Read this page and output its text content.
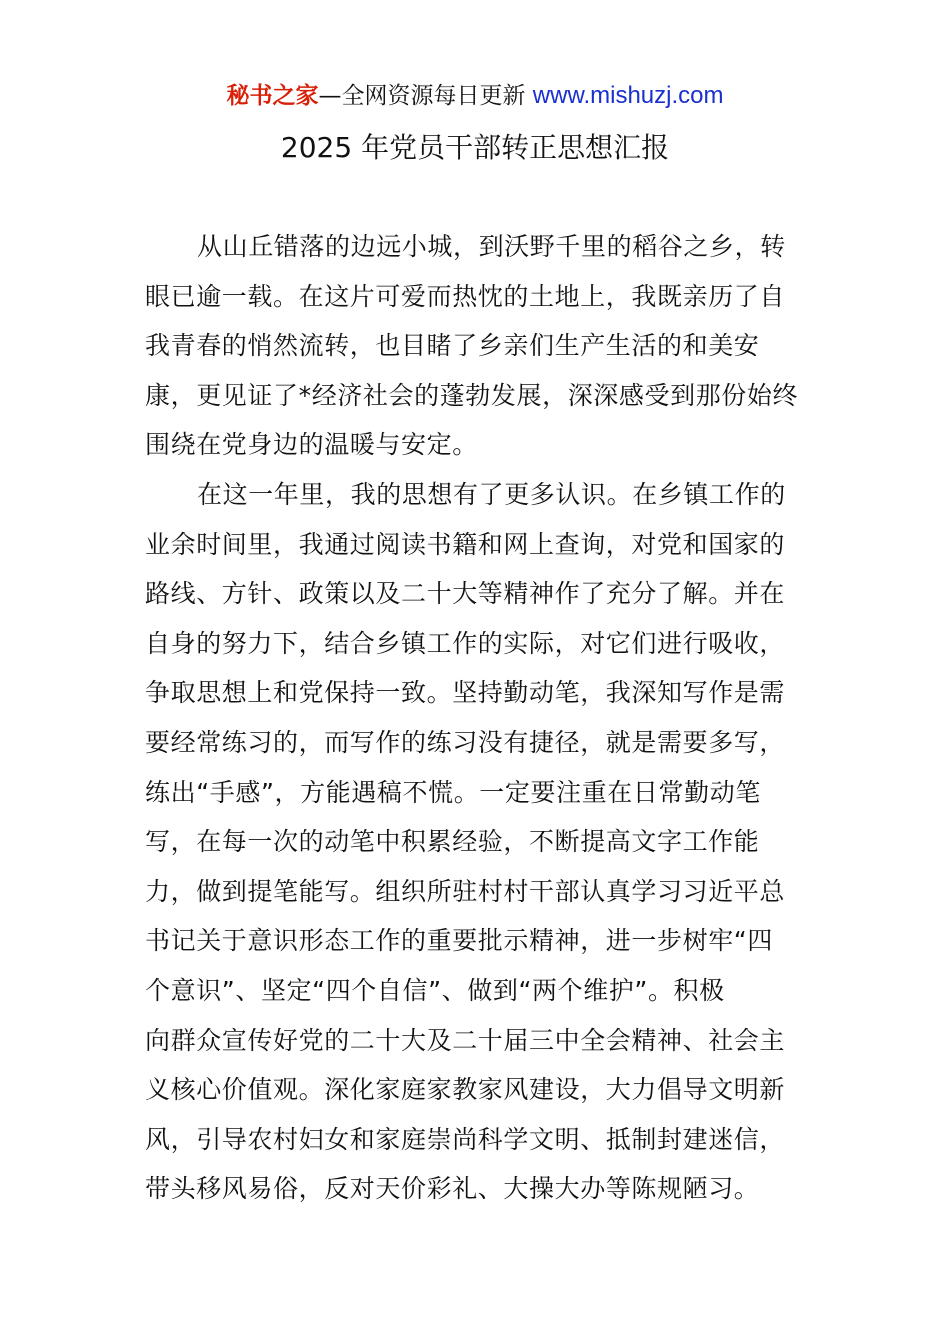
秘书之家—全网资源每日更新 www.mishuzj.com
2025 年党员干部转正思想汇报
从山丘错落的边远小城，到沃野千里的稻谷之乡，转
眼已逾一载。在这片可爱而热忱的土地上，我既亲历了自
我青春的悄然流转，也目睹了乡亲们生产生活的和美安
康，更见证了*经济社会的蓬勃发展，深深感受到那份始终
围绕在党身边的温暖与安定。
在这一年里，我的思想有了更多认识。在乡镇工作的
业余时间里，我通过阅读书籍和网上查询，对党和国家的
路线、方针、政策以及二十大等精神作了充分了解。并在
自身的努力下，结合乡镇工作的实际，对它们进行吸收，
争取思想上和党保持一致。坚持勤动笔，我深知写作是需
要经常练习的，而写作的练习没有捷径，就是需要多写，
练出“手感”，方能遇稿不慌。一定要注重在日常勤动笔
写，在每一次的动笔中积累经验，不断提高文字工作能
力，做到提笔能写。组织所驻村村干部认真学习习近平总
书记关于意识形态工作的重要批示精神，进一步树牢“四
个意识”、坚定“四个自信”、做到“两个维护”。积极
向群众宣传好党的二十大及二十届三中全会精神、社会主
义核心价值观。深化家庭家教家风建设，大力倡导文明新
风，引导农村妇女和家庭崇尚科学文明、抵制封建迷信，
带头移风易俗，反对天价彩礼、大操大办等陈规陋习。
